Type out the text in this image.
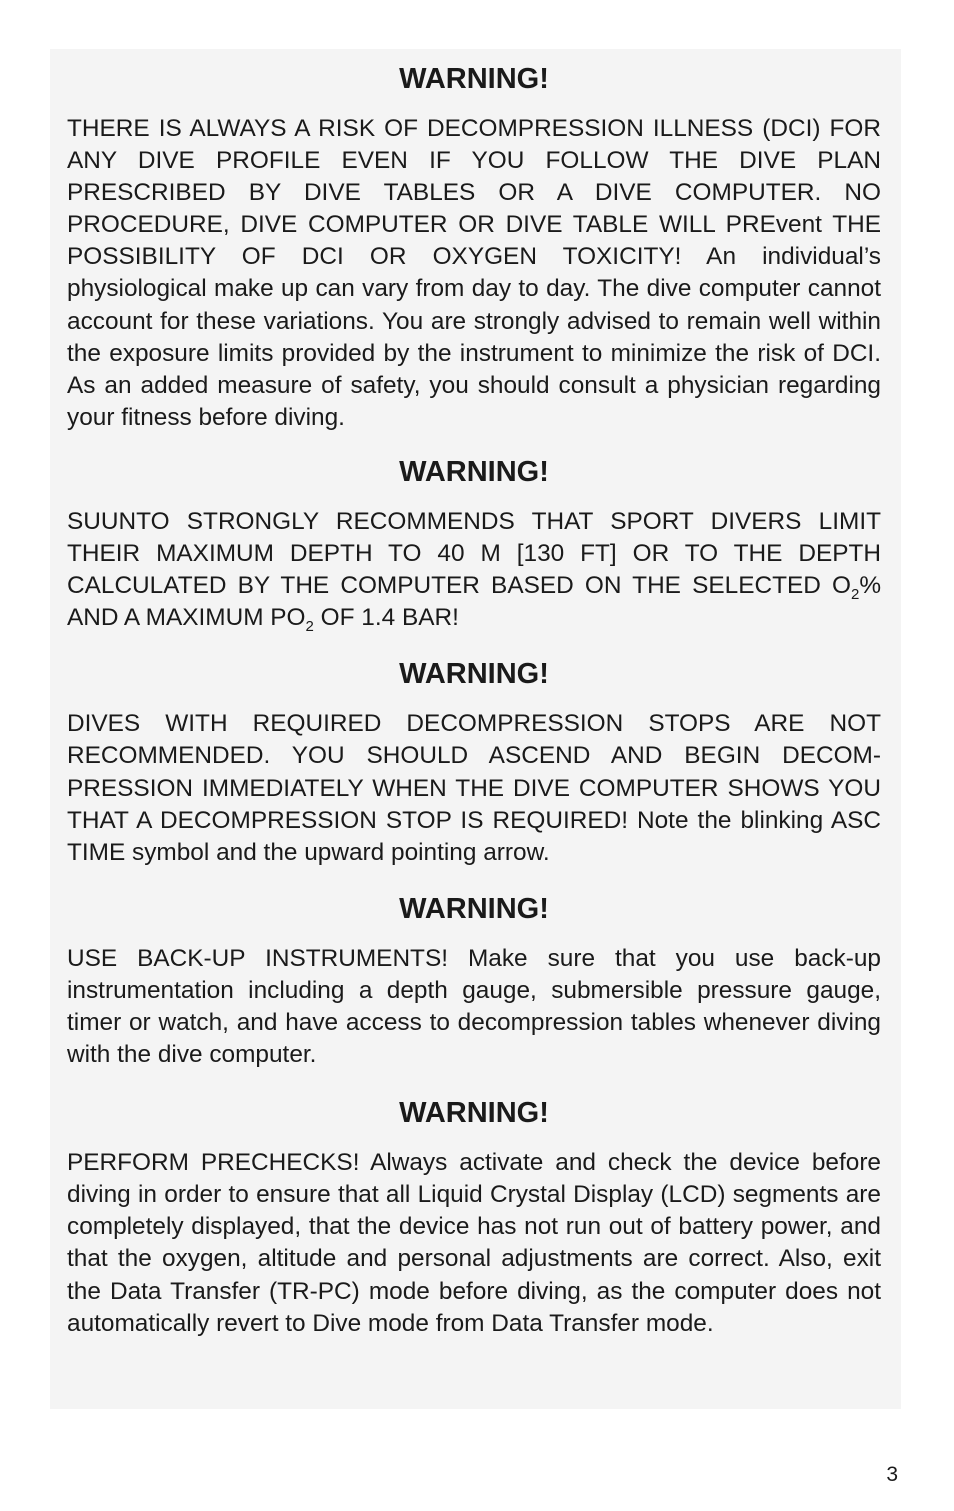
WARNING!

THERE IS ALWAYS A RISK OF DECOMPRESSION ILLNESS (DCI) FOR ANY DIVE PROFILE EVEN IF YOU FOLLOW THE DIVE PLAN PRESCRIBED BY DIVE TABLES OR A DIVE COMPUTER. NO PROCEDURE, DIVE COMPUTER OR DIVE TABLE WILL PREvent THE POSSIBILITY OF DCI OR OXYGEN TOXICITY! An individual’s physiological make up can vary from day to day. The dive computer cannot account for these variations. You are strongly advised to remain well within the exposure limits provided by the instrument to minimize the risk of DCI. As an added measure of safety, you should consult a physician regarding your fitness before diving.

WARNING!

SUUNTO STRONGLY RECOMMENDS THAT SPORT DIVERS LIMIT THEIR MAXIMUM DEPTH TO 40 M [130 FT] OR TO THE DEPTH CALCULATED BY THE COMPUTER BASED ON THE SELECTED $O_2\%$ AND A MAXIMUM $PO_2$ OF 1.4 BAR!

WARNING!

DIVES WITH REQUIRED DECOMPRESSION STOPS ARE NOT RECOMMENDED. YOU SHOULD ASCEND AND BEGIN DECOMPRESSION IMMEDIATELY WHEN THE DIVE COMPUTER SHOWS YOU THAT A DECOMPRESSION STOP IS REQUIRED! Note the blinking ASC TIME symbol and the upward pointing arrow.

WARNING!

USE BACK-UP INSTRUMENTS! Make sure that you use back-up instrumentation including a depth gauge, submersible pressure gauge, timer or watch, and have access to decompression tables whenever diving with the dive computer.

WARNING!

PERFORM PRECHECKS! Always activate and check the device before diving in order to ensure that all Liquid Crystal Display (LCD) segments are completely displayed, that the device has not run out of battery power, and that the oxygen, altitude and personal adjustments are correct. Also, exit the Data Transfer (TR-PC) mode before diving, as the computer does not automatically revert to Dive mode from Data Transfer mode.

3
